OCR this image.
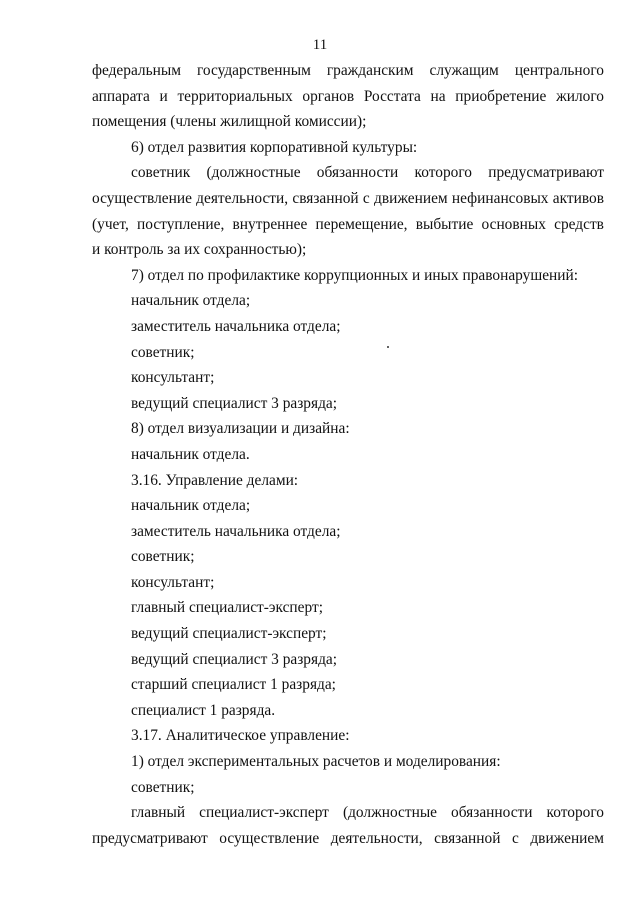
11
федеральным государственным гражданским служащим центрального
аппарата и территориальных органов Росстата на приобретение жилого
помещения (члены жилищной комиссии);
6) отдел развития корпоративной культуры:
советник (должностные обязанности которого предусматривают
осуществление деятельности, связанной с движением нефинансовых активов
(учет, поступление, внутреннее перемещение, выбытие основных средств
и контроль за их сохранностью);
7) отдел по профилактике коррупционных и иных правонарушений:
начальник отдела;
заместитель начальника отдела;
советник;
консультант;
ведущий специалист 3 разряда;
8) отдел визуализации и дизайна:
начальник отдела.
3.16. Управление делами:
начальник отдела;
заместитель начальника отдела;
советник;
консультант;
главный специалист-эксперт;
ведущий специалист-эксперт;
ведущий специалист 3 разряда;
старший специалист 1 разряда;
специалист 1 разряда.
3.17. Аналитическое управление:
1) отдел экспериментальных расчетов и моделирования:
советник;
главный специалист-эксперт (должностные обязанности которого
предусматривают осуществление деятельности, связанной с движением
